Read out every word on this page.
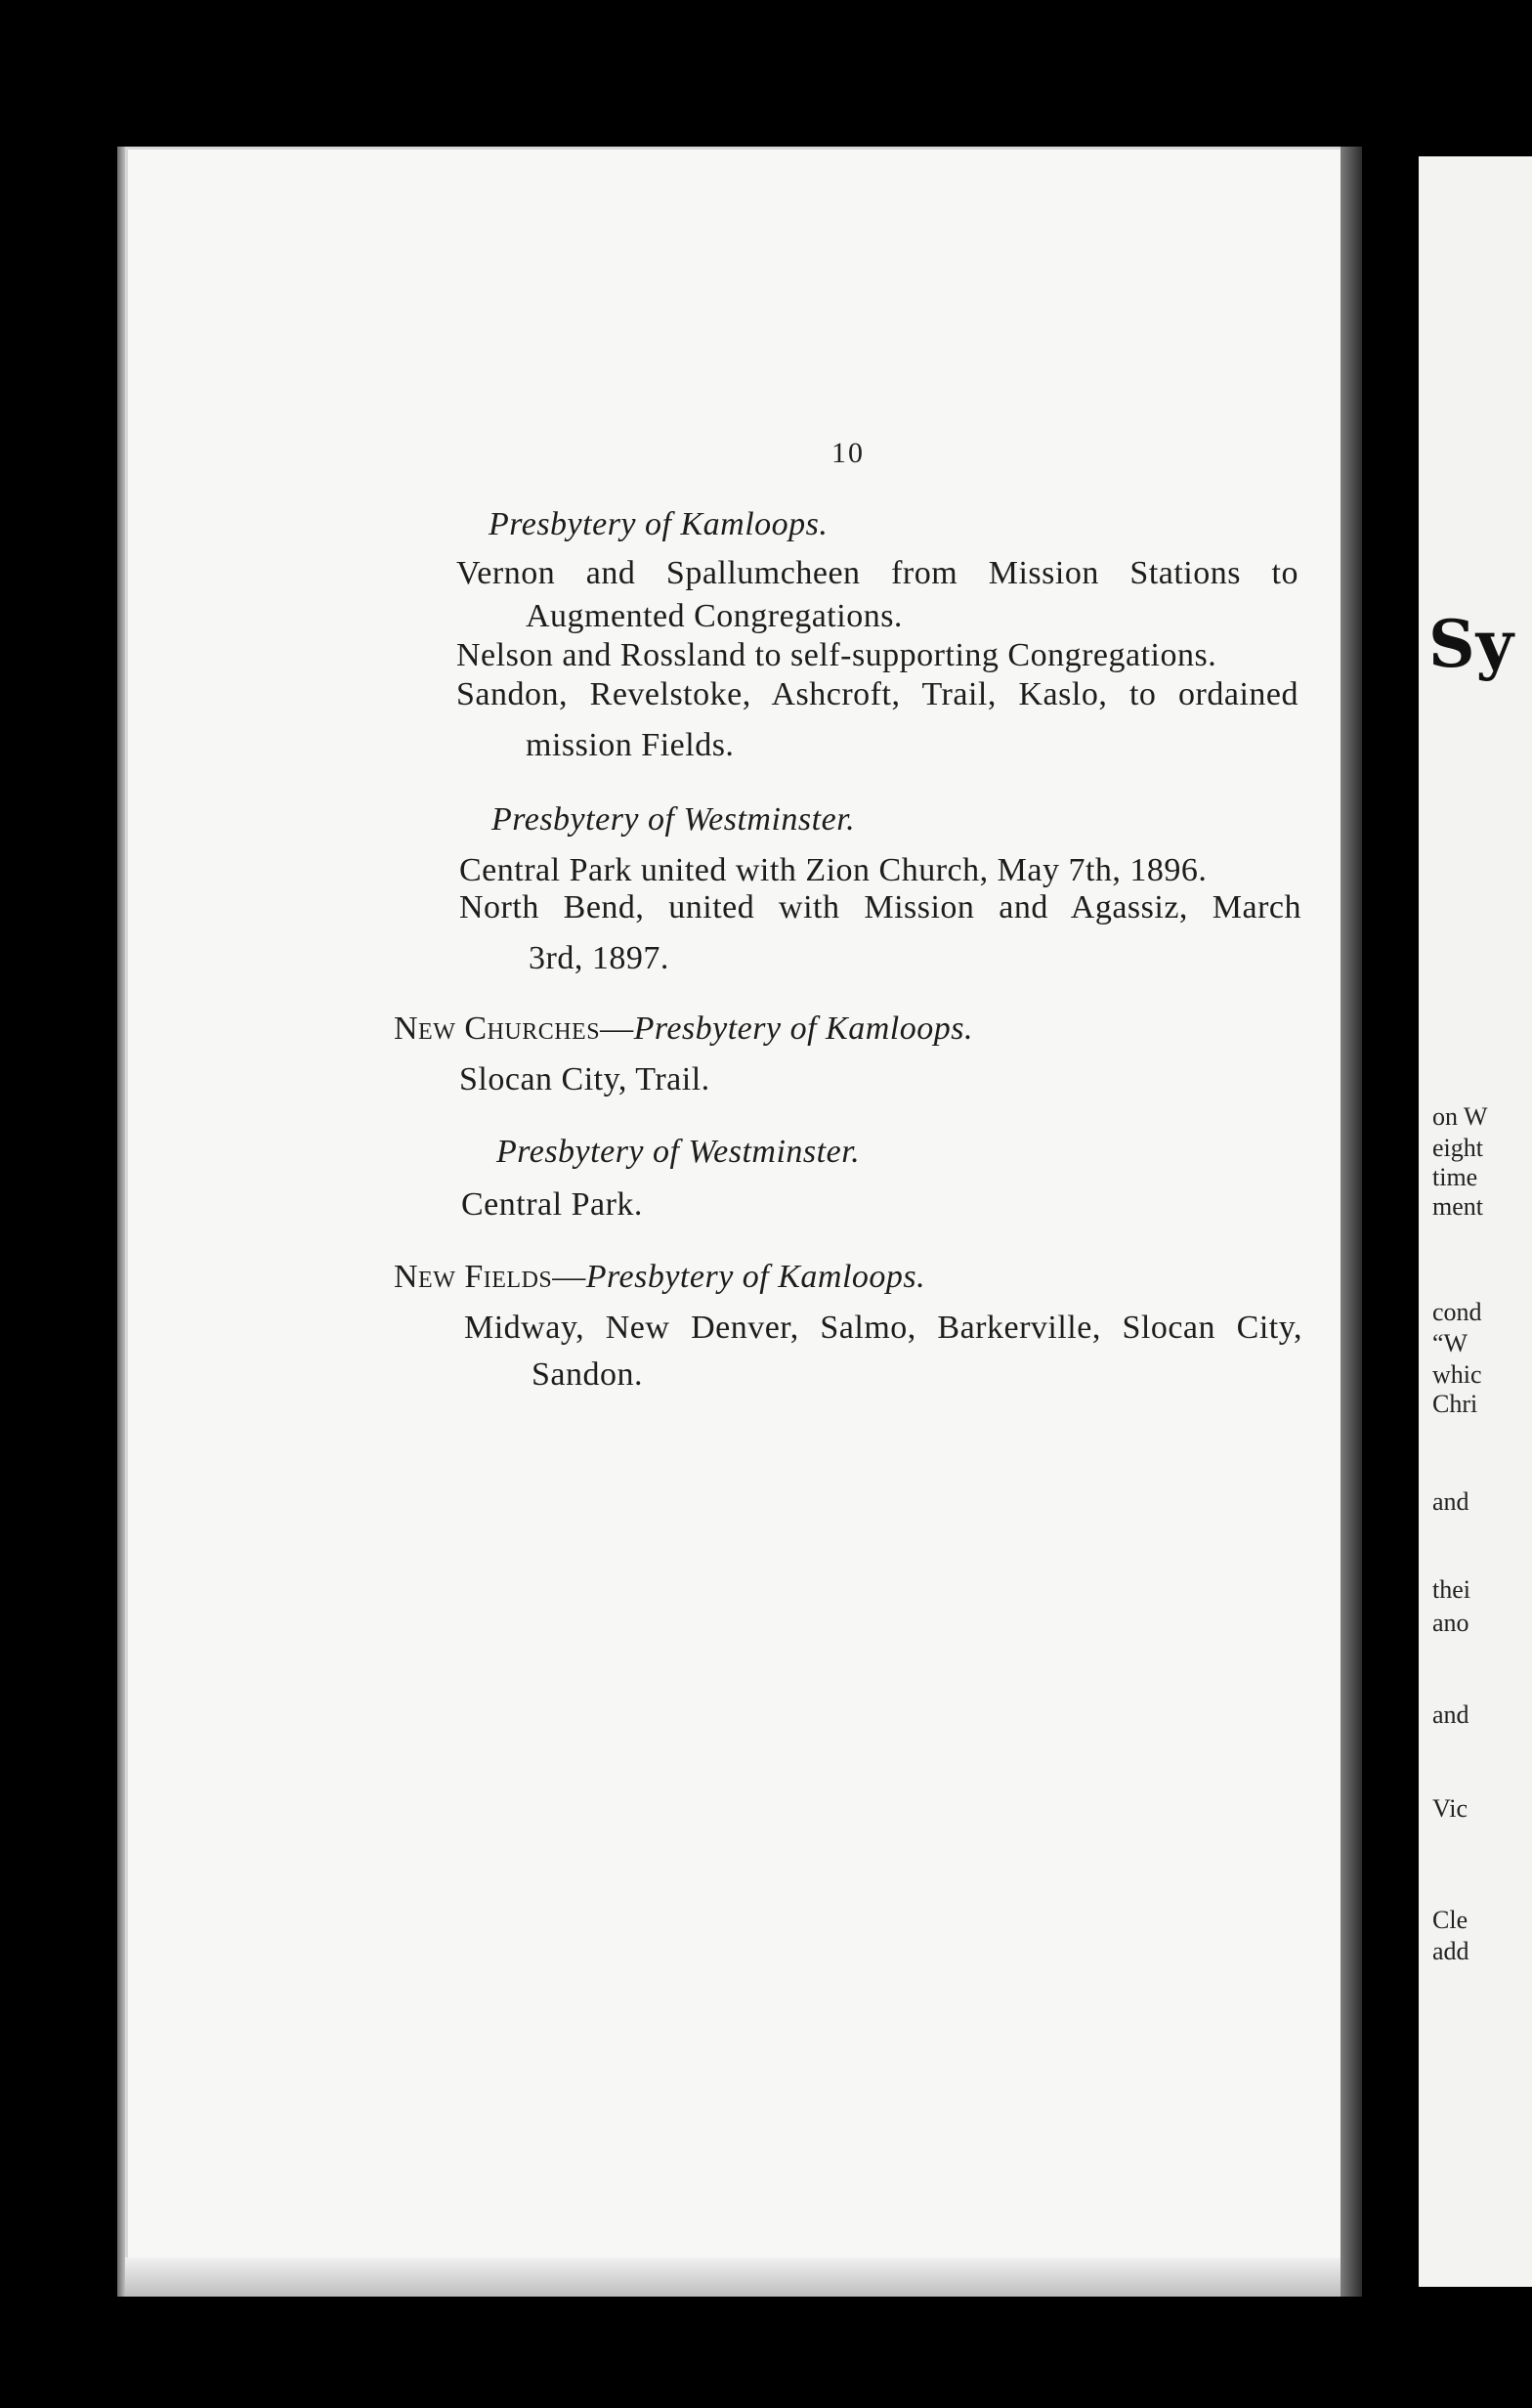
Sy
on W
eight
time
ment
cond
“W
whic
Chri
and
thei
ano
and
Vic
Cle
add
10
Presbytery of Kamloops.
Vernon and Spallumcheen from Mission Stations to
Augmented Congregations.
Nelson and Rossland to self-supporting Congregations.
Sandon, Revelstoke, Ashcroft, Trail, Kaslo, to ordained
mission Fields.
Presbytery of Westminster.
Central Park united with Zion Church, May 7th, 1896.
North Bend, united with Mission and Agassiz, March
3rd, 1897.
New Churches—Presbytery of Kamloops.
Slocan City, Trail.
Presbytery of Westminster.
Central Park.
New Fields—Presbytery of Kamloops.
Midway, New Denver, Salmo, Barkerville, Slocan City,
Sandon.
